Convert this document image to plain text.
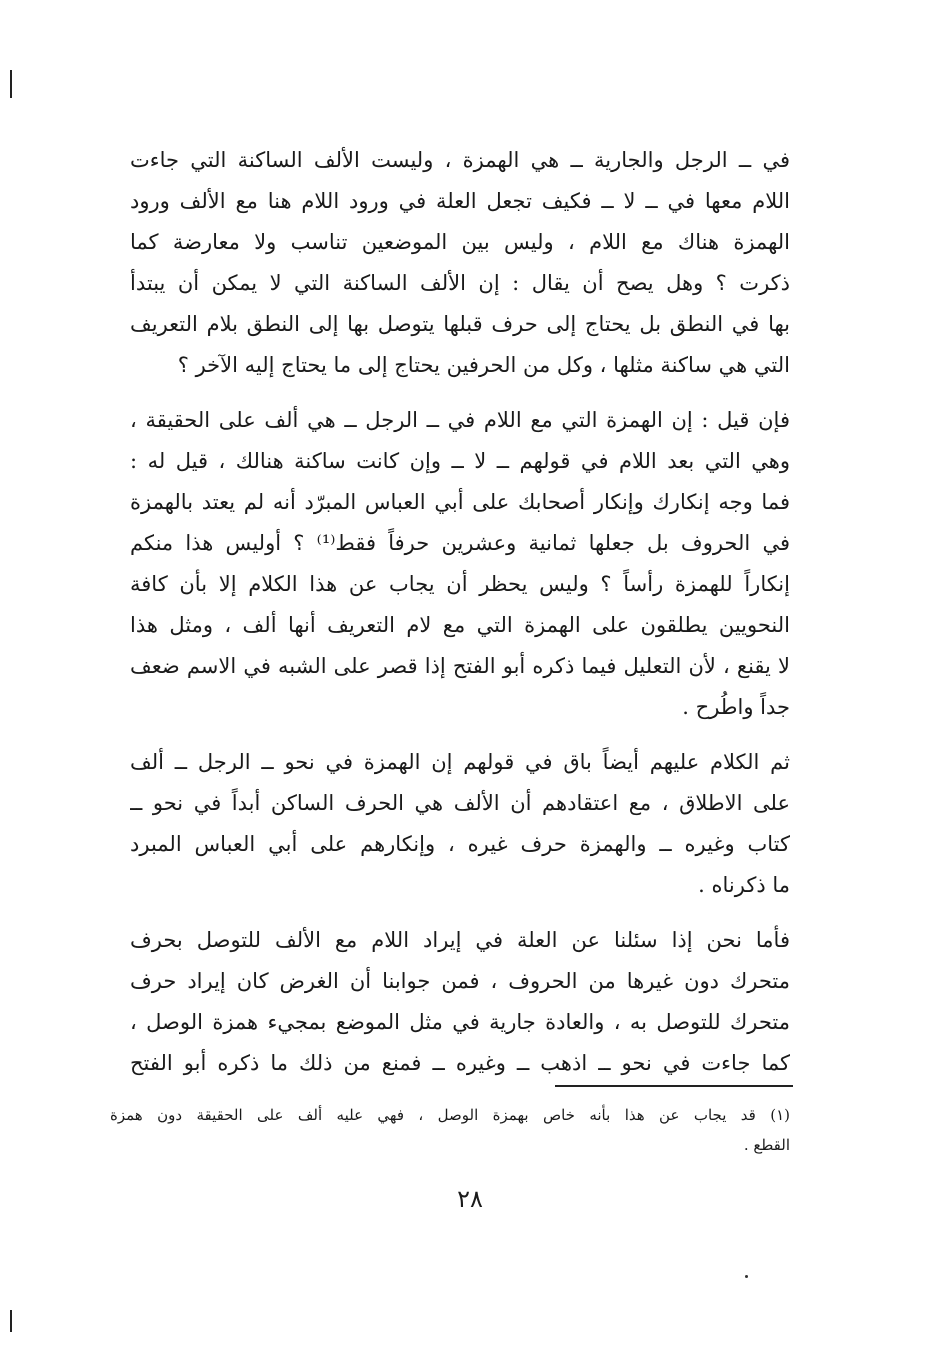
في ــ الرجل والجارية ــ هي الهمزة ، وليست الألف الساكنة التي جاءت
اللام معها في ــ لا ــ فكيف تجعل العلة في ورود اللام هنا مع الألف ورود
الهمزة هناك مع اللام ، وليس بين الموضعين تناسب ولا معارضة كما
ذكرت ؟ وهل يصح أن يقال : إن الألف الساكنة التي لا يمكن أن يبتدأ
بها في النطق بل يحتاج إلى حرف قبلها يتوصل بها إلى النطق بلام التعريف
التي هي ساكنة مثلها ، وكل من الحرفين يحتاج إلى ما يحتاج إليه الآخر ؟
فإن قيل : إن الهمزة التي مع اللام في ــ الرجل ــ هي ألف على الحقيقة ،
وهي التي بعد اللام في قولهم ــ لا ــ وإن كانت ساكنة هنالك ، قيل له :
فما وجه إنكارك وإنكار أصحابك على أبي العباس المبرّد أنه لم يعتد بالهمزة
في الحروف بل جعلها ثمانية وعشرين حرفاً فقط⁽¹⁾ ؟ أوليس هذا منكم
إنكاراً للهمزة رأساً ؟ وليس يحظر أن يجاب عن هذا الكلام إلا بأن كافة
النحويين يطلقون على الهمزة التي مع لام التعريف أنها ألف ، ومثل هذا
لا يقنع ، لأن التعليل فيما ذكره أبو الفتح إذا قصر على الشبه في الاسم ضعف
جداً واطُرح .
ثم الكلام عليهم أيضاً باق في قولهم إن الهمزة في نحو ــ الرجل ــ ألف
على الاطلاق ، مع اعتقادهم أن الألف هي الحرف الساكن أبداً في نحو ــ
كتاب وغيره ــ والهمزة حرف غيره ، وإنكارهم على أبي العباس المبرد
ما ذكرناه .
فأما نحن إذا سئلنا عن العلة في إيراد اللام مع الألف للتوصل بحرف
متحرك دون غيرها من الحروف ، فمن جوابنا أن الغرض كان إيراد حرف
متحرك للتوصل به ، والعادة جارية في مثل الموضع بمجيء همزة الوصل ،
كما جاءت في نحو ــ اذهب ــ وغيره ــ فمنع من ذلك ما ذكره أبو الفتح
(١) قد يجاب عن هذا بأنه خاص بهمزة الوصل ، فهي عليه ألف على الحقيقة دون همزة
القطع .
٢٨
